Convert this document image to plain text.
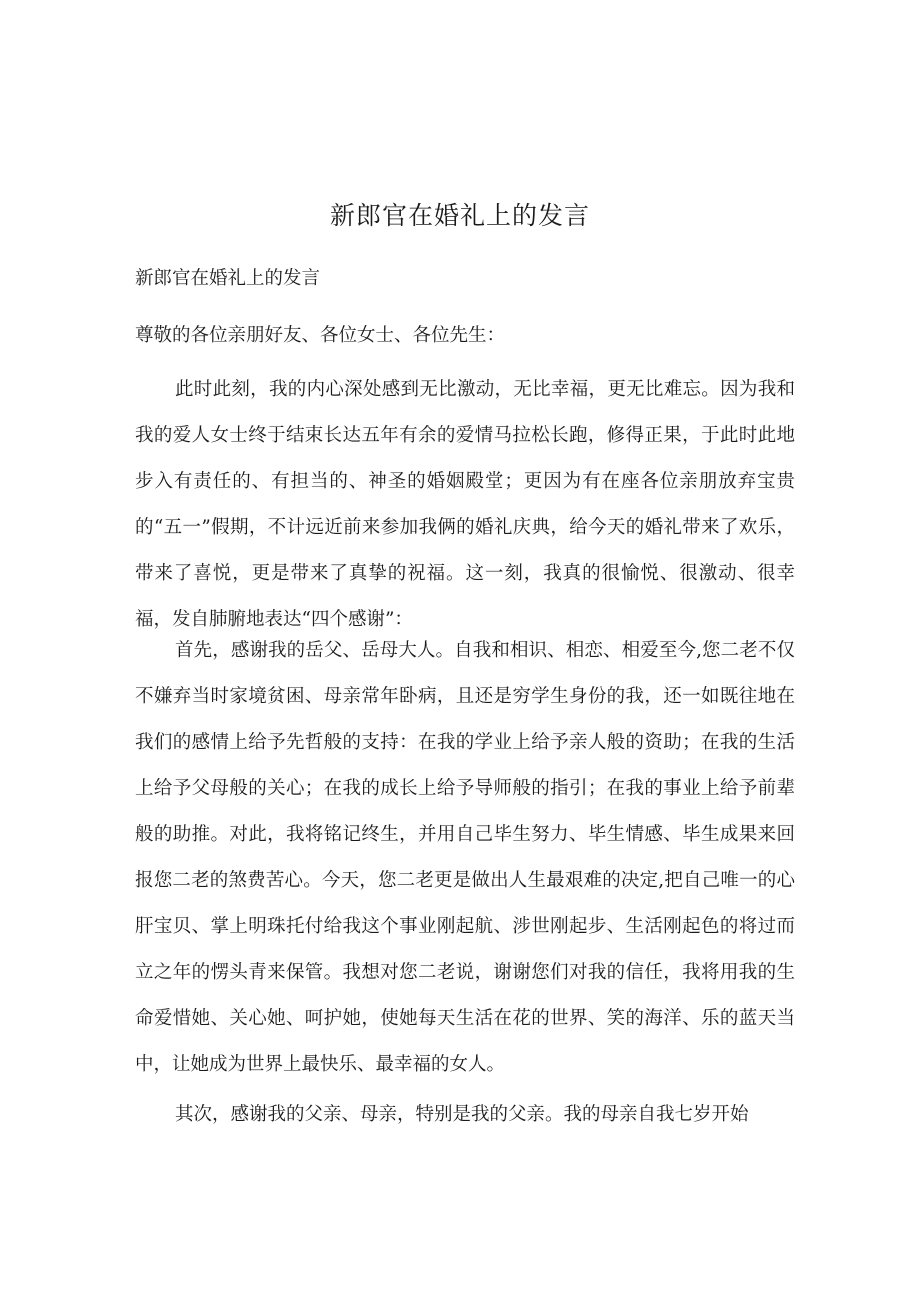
新郎官在婚礼上的发言

新郎官在婚礼上的发言

尊敬的各位亲朋好友、各位女士、各位先生：

此时此刻，我的内心深处感到无比激动，无比幸福，更无比难忘。因为我和我的爱人女士终于结束长达五年有余的爱情马拉松长跑，修得正果，于此时此地步入有责任的、有担当的、神圣的婚姻殿堂；更因为有在座各位亲朋放弃宝贵的“五一”假期，不计远近前来参加我俩的婚礼庆典，给今天的婚礼带来了欢乐，带来了喜悦，更是带来了真挚的祝福。这一刻，我真的很愉悦、很激动、很幸福，发自肺腑地表达“四个感谢”：

首先，感谢我的岳父、岳母大人。自我和相识、相恋、相爱至今,您二老不仅不嫌弃当时家境贫困、母亲常年卧病，且还是穷学生身份的我，还一如既往地在我们的感情上给予先哲般的支持：在我的学业上给予亲人般的资助；在我的生活上给予父母般的关心；在我的成长上给予导师般的指引；在我的事业上给予前辈般的助推。对此，我将铭记终生，并用自己毕生努力、毕生情感、毕生成果来回报您二老的煞费苦心。今天，您二老更是做出人生最艰难的决定,把自己唯一的心肝宝贝、掌上明珠托付给我这个事业刚起航、涉世刚起步、生活刚起色的将过而立之年的愣头青来保管。我想对您二老说，谢谢您们对我的信任，我将用我的生命爱惜她、关心她、呵护她，使她每天生活在花的世界、笑的海洋、乐的蓝天当中，让她成为世界上最快乐、最幸福的女人。

其次，感谢我的父亲、母亲，特别是我的父亲。我的母亲自我七岁开始
